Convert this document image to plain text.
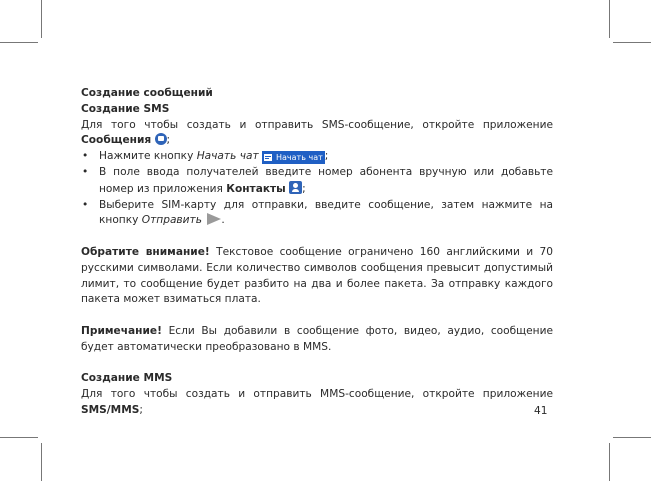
Создание сообщений

Создание SMS

Для того чтобы создать и отправить SMS-сообщение, откройте приложение Сообщения ;

• Нажмите кнопку Начать чат Начать чат ;
• В поле ввода получателей введите номер абонента вручную или добавьте номер из приложения Контакты ;
• Выберите SIM-карту для отправки, введите сообщение, затем нажмите на кнопку Отправить .

Обратите внимание! Текстовое сообщение ограничено 160 английскими и 70 русскими символами. Если количество символов сообщения превысит допустимый лимит, то сообщение будет разбито на два и более пакета. За отправку каждого пакета может взиматься плата.

Примечание! Если Вы добавили в сообщение фото, видео, аудио, сообщение будет автоматически преобразовано в MMS.

Создание MMS

Для того чтобы создать и отправить MMS-сообщение, откройте приложение SMS/MMS;	41
